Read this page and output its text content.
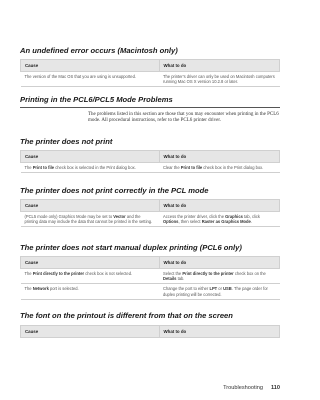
An undefined error occurs (Macintosh only)
Cause	What to do
The version of the Mac OS that you are using is unsupported.	The printer's driver can only be used on Macintosh computers running Mac OS X version 10.2.8 or later.
Printing in the PCL6/PCL5 Mode Problems
The problems listed in this section are those that you may encounter when printing in the PCL6 mode. All procedural instructions, refer to the PCL6 printer driver.
The printer does not print
Cause	What to do
The Print to file check box is selected in the Print dialog box.	Clear the Print to file check box in the Print dialog box.
The printer does not print correctly in the PCL mode
Cause	What to do
(PCL5 mode only) Graphics Mode may be set to Vector and the printing data may include the data that cannot be printed in the setting.	Access the printer driver, click the Graphics tab, click Options, then select Raster as Graphics Mode.
The printer does not start manual duplex printing (PCL6 only)
Cause	What to do
The Print directly to the printer check box is not selected.	Select the Print directly to the printer check box on the Details tab.
The Network port is selected.	Change the port to either LPT or USB. The page order for duplex printing will be corrected.
The font on the printout is different from that on the screen
Cause	What to do
Troubleshooting 110
